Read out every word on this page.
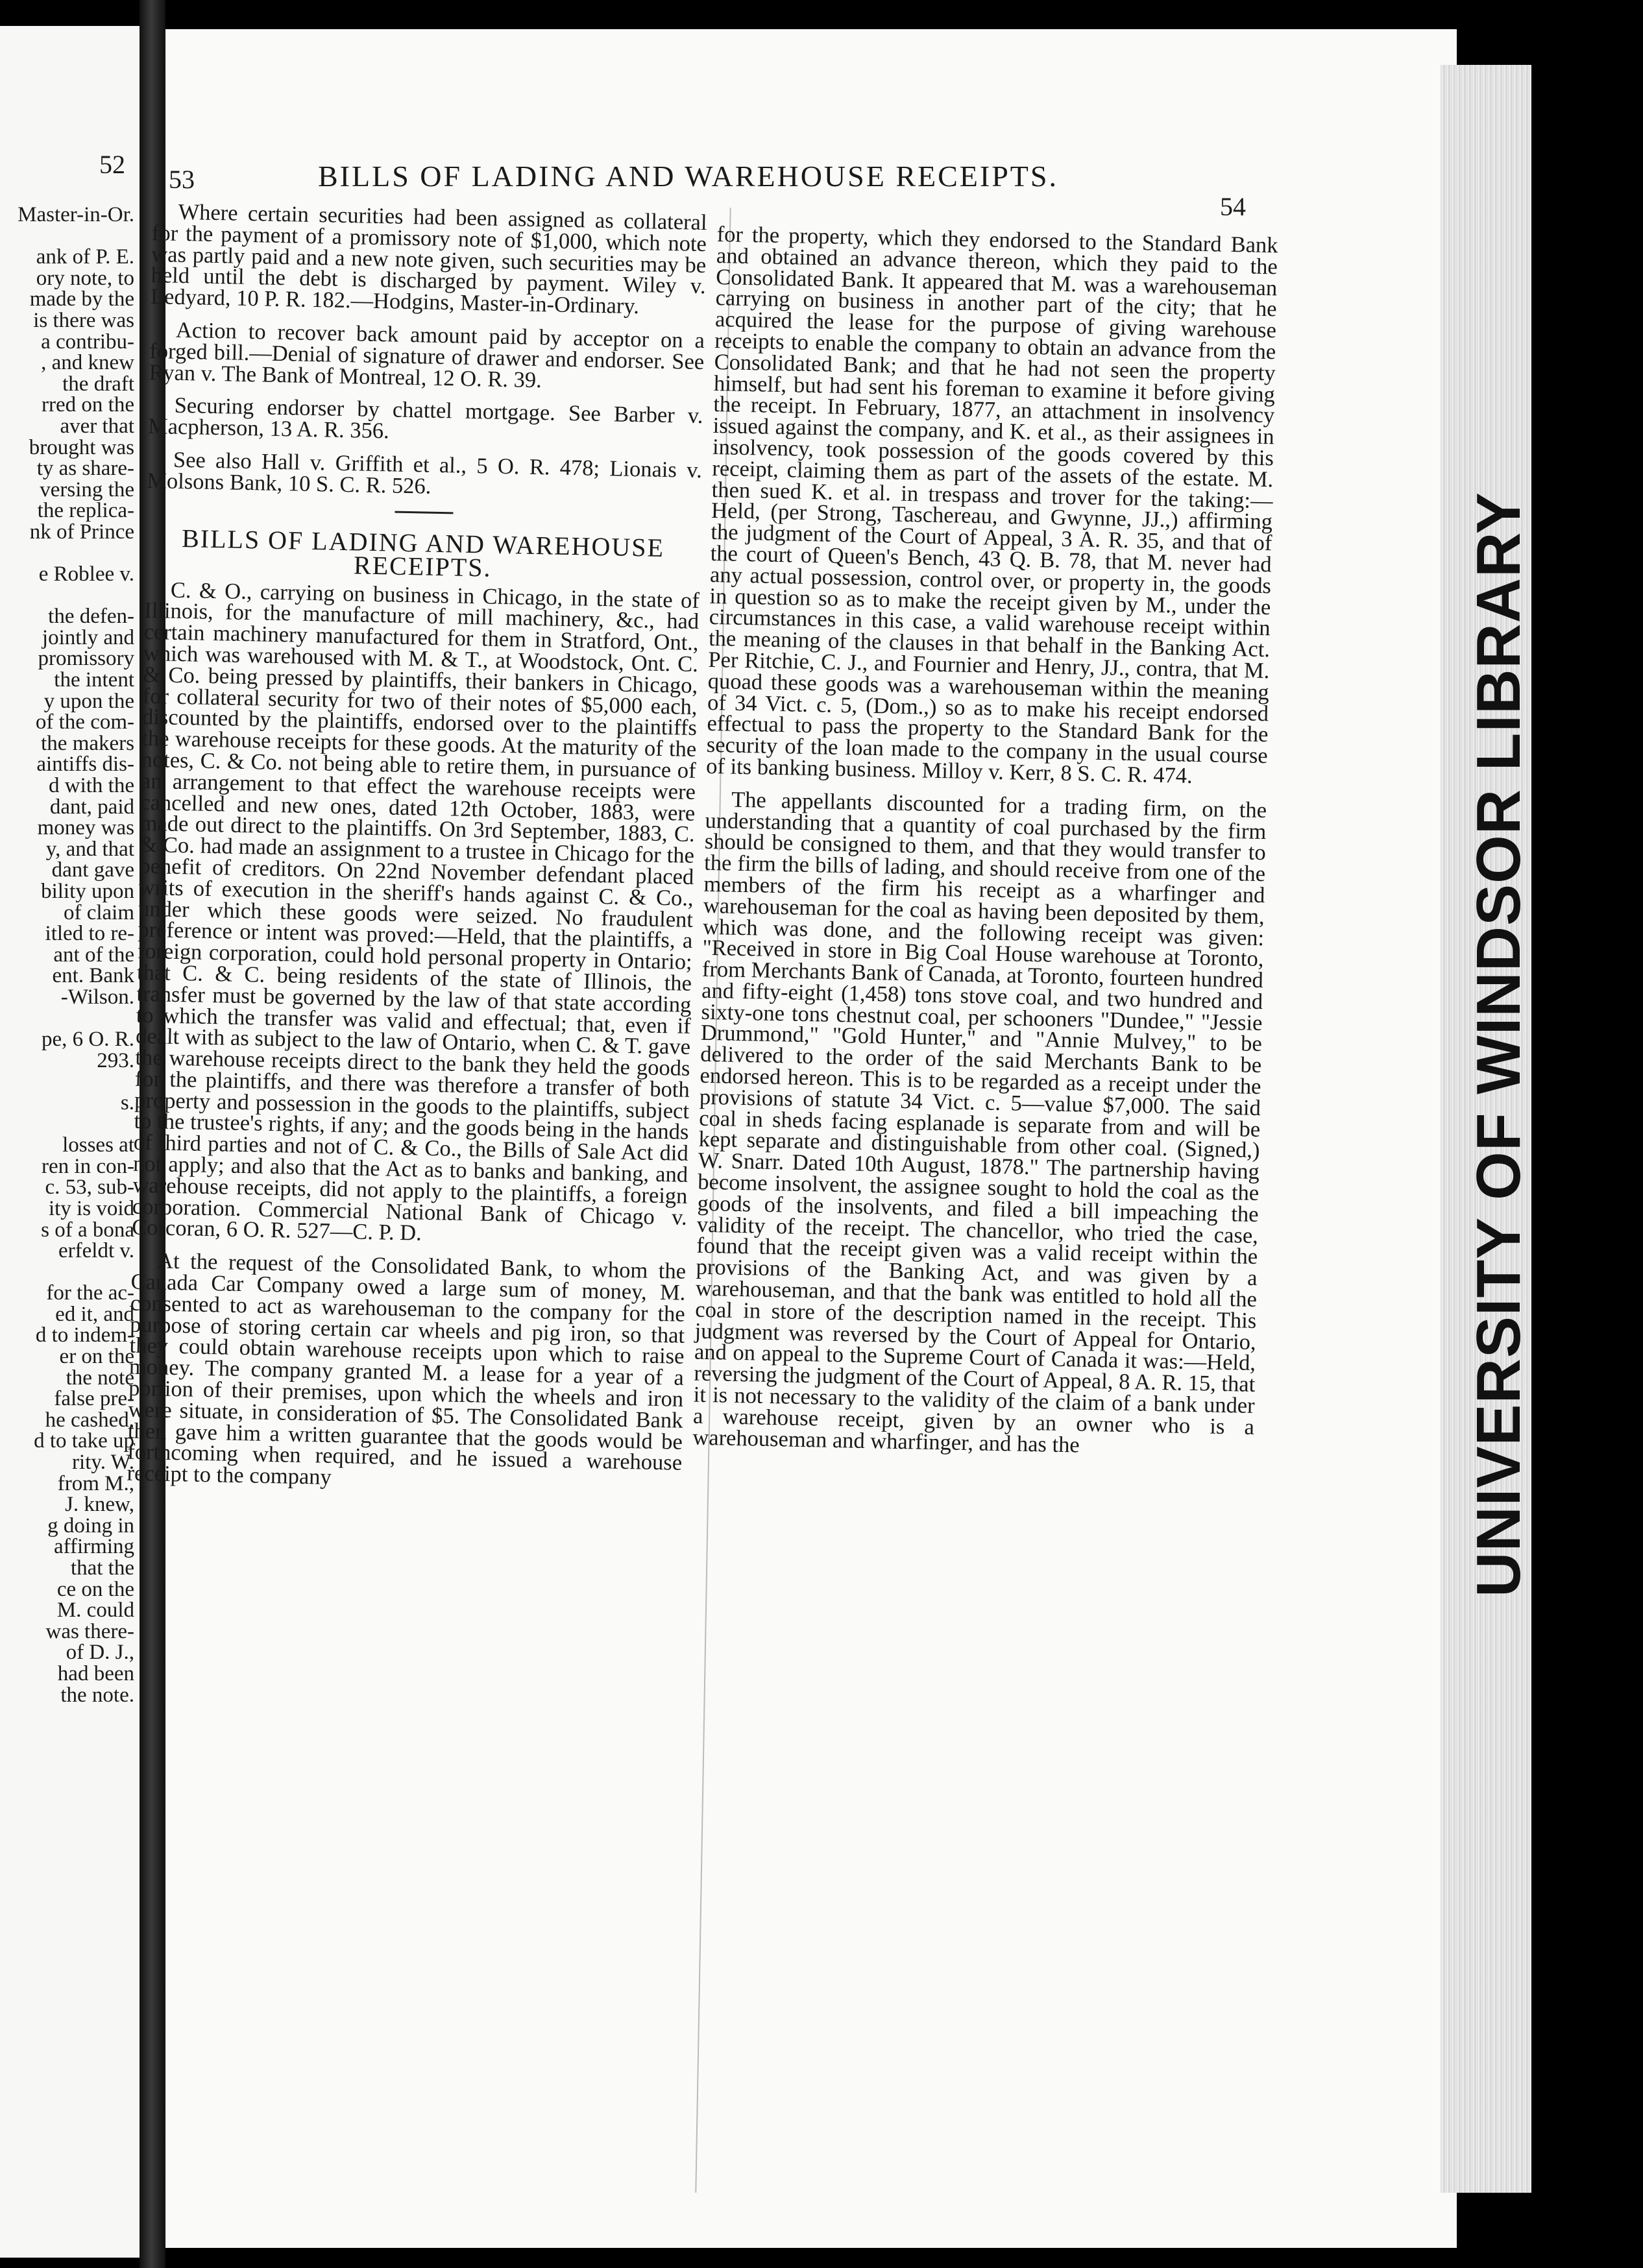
52
Master-in-Or.

ank of P. E.
ory note, to
made by the
is there was
a contribu-
, and knew
the draft
rred on the
aver that
brought was
ty as share-
versing the
the replica-
nk of Prince

e Roblee v.

the defen-
jointly and
promissory
the intent
y upon the
of the com-
the makers
aintiffs dis-
d with the
dant, paid
money was
y, and that
dant gave
bility upon
of claim
itled to re-
ant of the
ent. Bank
-Wilson.

pe, 6 O. R.
293.

s.

losses at
ren in con-
c. 53, sub-
ity is void
s of a bona
erfeldt v.

for the ac-
ed it, and
d to indem-
er on the
the note
false pre-
he cashed,
d to take up
rity. W.
from M.,
J. knew,
g doing in
affirming
that the
ce on the
M. could
was there-
of D. J.,
had been
the note.
UNIVERSITY OF WINDSOR LIBRARY
53	BILLS OF LADING AND WAREHOUSE RECEIPTS.
54

Where certain securities had been assigned as collateral for the payment of a promissory note of $1,000, which note was partly paid and a new note given, such securities may be held until the debt is discharged by payment. Wiley v. Ledyard, 10 P. R. 182.—Hodgins, Master-in-Ordinary.

Action to recover back amount paid by acceptor on a forged bill.—Denial of signature of drawer and endorser. See Ryan v. The Bank of Montreal, 12 O. R. 39.

Securing endorser by chattel mortgage. See Barber v. Macpherson, 13 A. R. 356.

See also Hall v. Griffith et al., 5 O. R. 478; Lionais v. Molsons Bank, 10 S. C. R. 526.

BILLS OF LADING AND WAREHOUSE RECEIPTS.

C. & O., carrying on business in Chicago, in the state of Illinois, for the manufacture of mill machinery, &c., had certain machinery manufactured for them in Stratford, Ont., which was warehoused with M. & T., at Woodstock, Ont. C. & Co. being pressed by plaintiffs, their bankers in Chicago, for collateral security for two of their notes of $5,000 each, discounted by the plaintiffs, endorsed over to the plaintiffs the warehouse receipts for these goods. At the maturity of the notes, C. & Co. not being able to retire them, in pursuance of an arrangement to that effect the warehouse receipts were cancelled and new ones, dated 12th October, 1883, were made out direct to the plaintiffs. On 3rd September, 1883, C. & Co. had made an assignment to a trustee in Chicago for the benefit of creditors. On 22nd November defendant placed writs of execution in the sheriff's hands against C. & Co., under which these goods were seized. No fraudulent preference or intent was proved:—Held, that the plaintiffs, a foreign corporation, could hold personal property in Ontario; that C. & C. being residents of the state of Illinois, the transfer must be governed by the law of that state according to which the transfer was valid and effectual; that, even if dealt with as subject to the law of Ontario, when C. & T. gave the warehouse receipts direct to the bank they held the goods for the plaintiffs, and there was therefore a transfer of both property and possession in the goods to the plaintiffs, subject to the trustee's rights, if any; and the goods being in the hands of third parties and not of C. & Co., the Bills of Sale Act did not apply; and also that the Act as to banks and banking, and warehouse receipts, did not apply to the plaintiffs, a foreign corporation. Commercial National Bank of Chicago v. Corcoran, 6 O. R. 527—C. P. D.

At the request of the Consolidated Bank, to whom the Canada Car Company owed a large sum of money, M. consented to act as warehouseman to the company for the purpose of storing certain car wheels and pig iron, so that they could obtain warehouse receipts upon which to raise money. The company granted M. a lease for a year of a portion of their premises, upon which the wheels and iron were situate, in consideration of $5. The Consolidated Bank then gave him a written guarantee that the goods would be forthcoming when required, and he issued a warehouse receipt to the company

for the property, which they endorsed to the Standard Bank and obtained an advance thereon, which they paid to the Consolidated Bank. It appeared that M. was a warehouseman carrying on business in another part of the city; that he acquired the lease for the purpose of giving warehouse receipts to enable the company to obtain an advance from the Consolidated Bank; and that he had not seen the property himself, but had sent his foreman to examine it before giving the receipt. In February, 1877, an attachment in insolvency issued against the company, and K. et al., as their assignees in insolvency, took possession of the goods covered by this receipt, claiming them as part of the assets of the estate. M. then sued K. et al. in trespass and trover for the taking:—Held, (per Strong, Taschereau, and Gwynne, JJ.,) affirming the judgment of the Court of Appeal, 3 A. R. 35, and that of the court of Queen's Bench, 43 Q. B. 78, that M. never had any actual possession, control over, or property in, the goods in question so as to make the receipt given by M., under the circumstances in this case, a valid warehouse receipt within the meaning of the clauses in that behalf in the Banking Act. Per Ritchie, C. J., and Fournier and Henry, JJ., contra, that M. quoad these goods was a warehouseman within the meaning of 34 Vict. c. 5, (Dom.,) so as to make his receipt endorsed effectual to pass the property to the Standard Bank for the security of the loan made to the company in the usual course of its banking business. Milloy v. Kerr, 8 S. C. R. 474.

The appellants discounted for a trading firm, on the understanding that a quantity of coal purchased by the firm should be consigned to them, and that they would transfer to the firm the bills of lading, and should receive from one of the members of the firm his receipt as a wharfinger and warehouseman for the coal as having been deposited by them, which was done, and the following receipt was given: "Received in store in Big Coal House warehouse at Toronto, from Merchants Bank of Canada, at Toronto, fourteen hundred and fifty-eight (1,458) tons stove coal, and two hundred and sixty-one tons chestnut coal, per schooners "Dundee," "Jessie Drummond," "Gold Hunter," and "Annie Mulvey," to be delivered to the order of the said Merchants Bank to be endorsed hereon. This is to be regarded as a receipt under the provisions of statute 34 Vict. c. 5—value $7,000. The said coal in sheds facing esplanade is separate from and will be kept separate and distinguishable from other coal. (Signed,) W. Snarr. Dated 10th August, 1878." The partnership having become insolvent, the assignee sought to hold the coal as the goods of the insolvents, and filed a bill impeaching the validity of the receipt. The chancellor, who tried the case, found that the receipt given was a valid receipt within the provisions of the Banking Act, and was given by a warehouseman, and that the bank was entitled to hold all the coal in store of the description named in the receipt. This judgment was reversed by the Court of Appeal for Ontario, and on appeal to the Supreme Court of Canada it was:—Held, reversing the judgment of the Court of Appeal, 8 A. R. 15, that it is not necessary to the validity of the claim of a bank under a warehouse receipt, given by an owner who is a warehouseman and wharfinger, and has the
